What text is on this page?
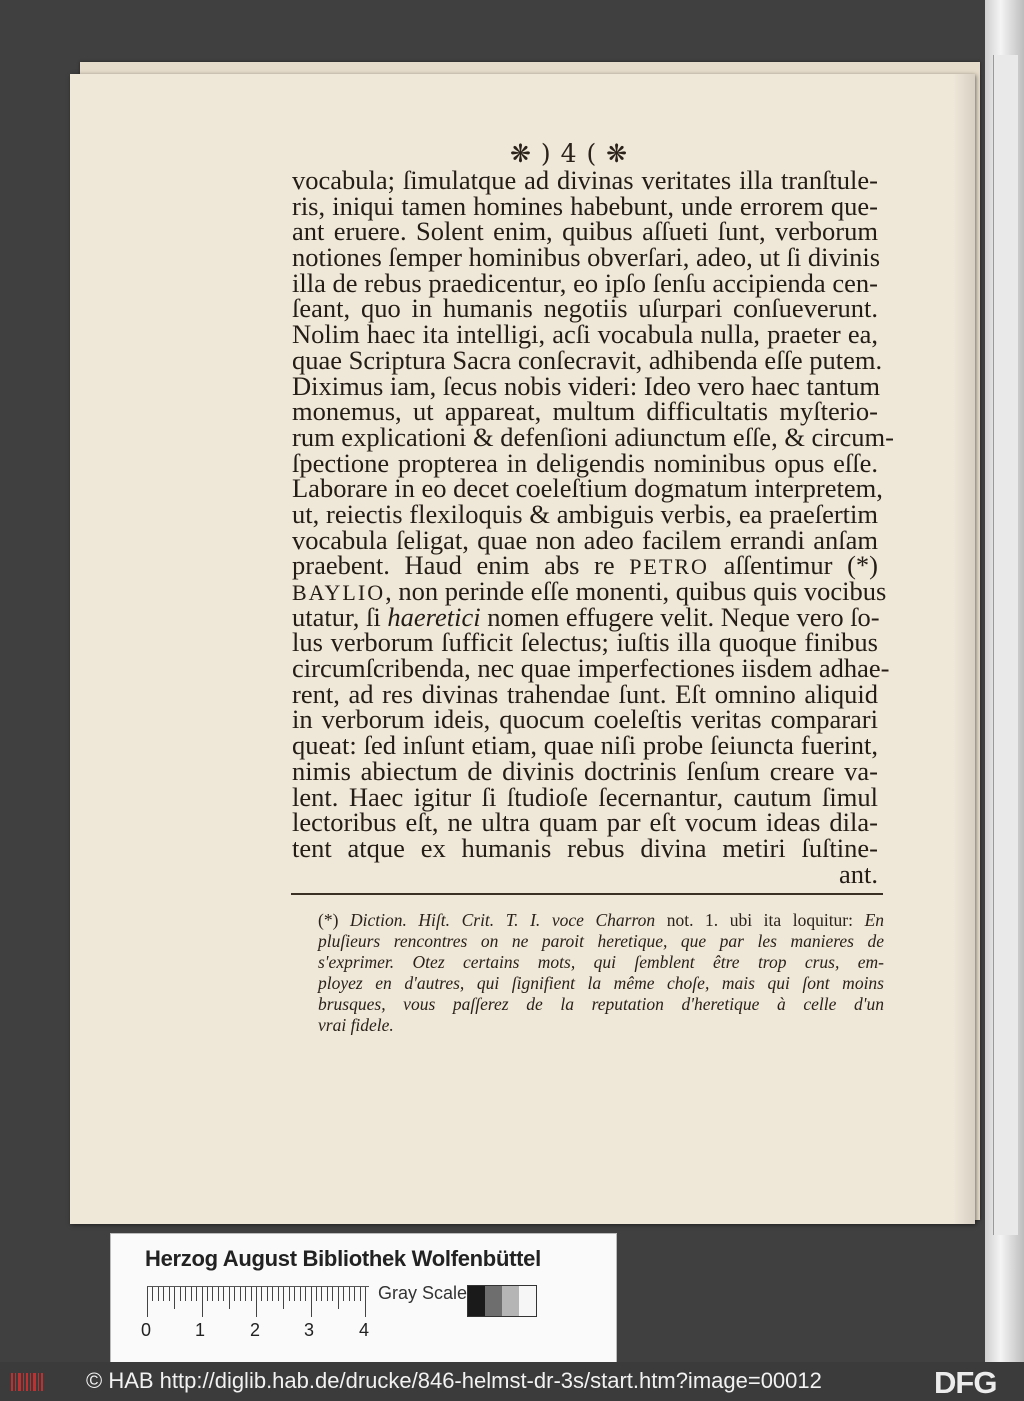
❋ ) 4 ( ❋
vocabula; ſimulatque ad divinas veritates illa tranſtule-
ris, iniqui tamen homines habebunt, unde errorem que-
ant eruere. Solent enim, quibus aſſueti ſunt, verborum
notiones ſemper hominibus obverſari, adeo, ut ſi divinis
illa de rebus praedicentur, eo ipſo ſenſu accipienda cen-
ſeant, quo in humanis negotiis uſurpari conſueverunt.
Nolim haec ita intelligi, acſi vocabula nulla, praeter ea,
quae Scriptura Sacra conſecravit, adhibenda eſſe putem.
Diximus iam, ſecus nobis videri: Ideo vero haec tantum
monemus, ut appareat, multum difficultatis myſterio-
rum explicationi & defenſioni adiunctum eſſe, & circum-
ſpectione propterea in deligendis nominibus opus eſſe.
Laborare in eo decet coeleſtium dogmatum interpretem,
ut, reiectis flexiloquis & ambiguis verbis, ea praeſertim
vocabula ſeligat, quae non adeo facilem errandi anſam
praebent. Haud enim abs re PETRO aſſentimur (*)
BAYLIO, non perinde eſſe monenti, quibus quis vocibus
utatur, ſi haeretici nomen effugere velit. Neque vero ſo-
lus verborum ſufficit ſelectus; iuſtis illa quoque finibus
circumſcribenda, nec quae imperfectiones iisdem adhae-
rent, ad res divinas trahendae ſunt. Eſt omnino aliquid
in verborum ideis, quocum coeleſtis veritas comparari
queat: ſed inſunt etiam, quae niſi probe ſeiuncta fuerint,
nimis abiectum de divinis doctrinis ſenſum creare va-
lent. Haec igitur ſi ſtudioſe ſecernantur, cautum ſimul
lectoribus eſt, ne ultra quam par eſt vocum ideas dila-
tent atque ex humanis rebus divina metiri ſuſtine-
ant.
(*) Diction. Hiſt. Crit. T. I. voce Charron not. 1. ubi ita loquitur: En
pluſieurs rencontres on ne paroit heretique, que par les manieres de
s'exprimer. Otez certains mots, qui ſemblent être trop crus, em-
ployez en d'autres, qui ſignifient la même choſe, mais qui ſont moins
brusques, vous paſſerez de la reputation d'heretique à celle d'un
vrai fidele.
Herzog August Bibliothek Wolfenbüttel
0 1 2 3 4
Gray Scale
© HAB http://diglib.hab.de/drucke/846-helmst-dr-3s/start.htm?image=00012	DFG
